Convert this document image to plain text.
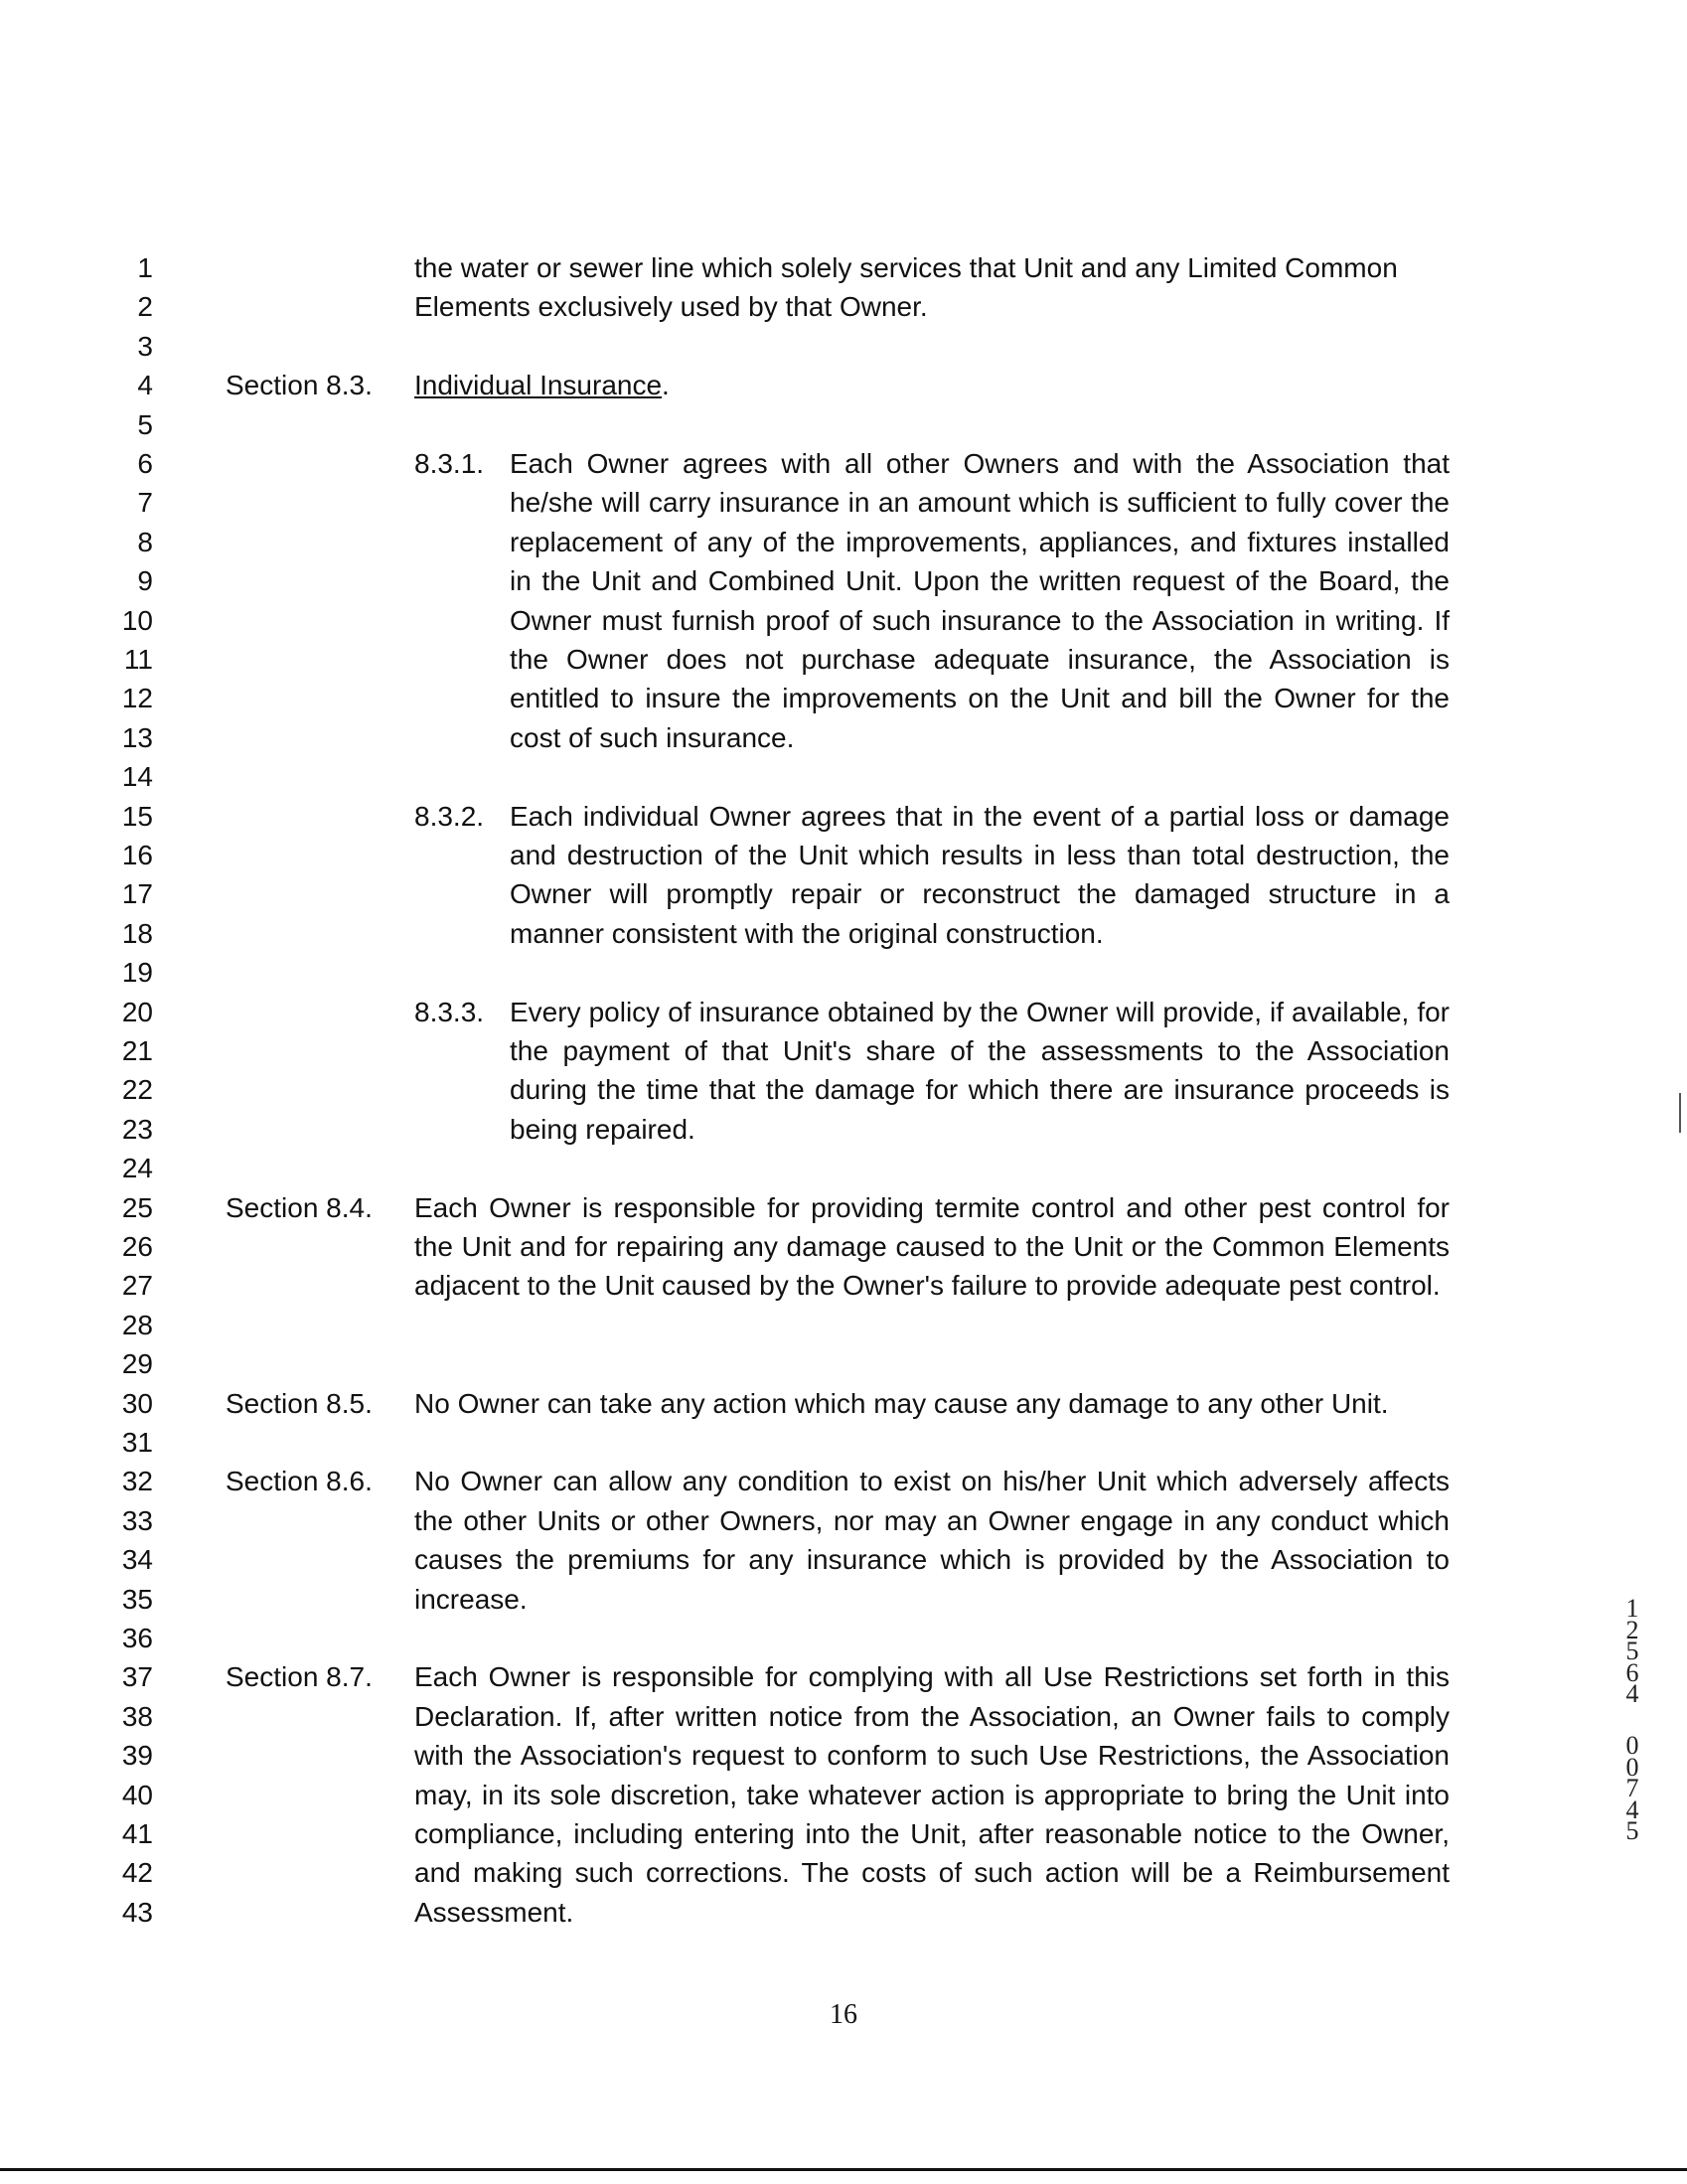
1
2
3
4
5
6
7
8
9
10
11
12
13
14
15
16
17
18
19
20
21
22
23
24
25
26
27
28
29
30
31
32
33
34
35
36
37
38
39
40
41
42
43
the water or sewer line which solely services that Unit and any Limited Common
Elements exclusively used by that Owner.
Section 8.3. Individual Insurance.
8.3.1. Each Owner agrees with all other Owners and with the Association that he/she will carry insurance in an amount which is sufficient to fully cover the replacement of any of the improvements, appliances, and fixtures installed in the Unit and Combined Unit. Upon the written request of the Board, the Owner must furnish proof of such insurance to the Association in writing. If the Owner does not purchase adequate insurance, the Association is entitled to insure the improvements on the Unit and bill the Owner for the cost of such insurance.
8.3.2. Each individual Owner agrees that in the event of a partial loss or damage and destruction of the Unit which results in less than total destruction, the Owner will promptly repair or reconstruct the damaged structure in a manner consistent with the original construction.
8.3.3. Every policy of insurance obtained by the Owner will provide, if available, for the payment of that Unit's share of the assessments to the Association during the time that the damage for which there are insurance proceeds is being repaired.
Section 8.4. Each Owner is responsible for providing termite control and other pest control for the Unit and for repairing any damage caused to the Unit or the Common Elements adjacent to the Unit caused by the Owner's failure to provide adequate pest control.
Section 8.5. No Owner can take any action which may cause any damage to any other Unit.
Section 8.6. No Owner can allow any condition to exist on his/her Unit which adversely affects the other Units or other Owners, nor may an Owner engage in any conduct which causes the premiums for any insurance which is provided by the Association to increase.
Section 8.7. Each Owner is responsible for complying with all Use Restrictions set forth in this Declaration. If, after written notice from the Association, an Owner fails to comply with the Association's request to conform to such Use Restrictions, the Association may, in its sole discretion, take whatever action is appropriate to bring the Unit into compliance, including entering into the Unit, after reasonable notice to the Owner, and making such corrections. The costs of such action will be a Reimbursement Assessment.
16
1
2
5
6
4
0
0
7
4
5
